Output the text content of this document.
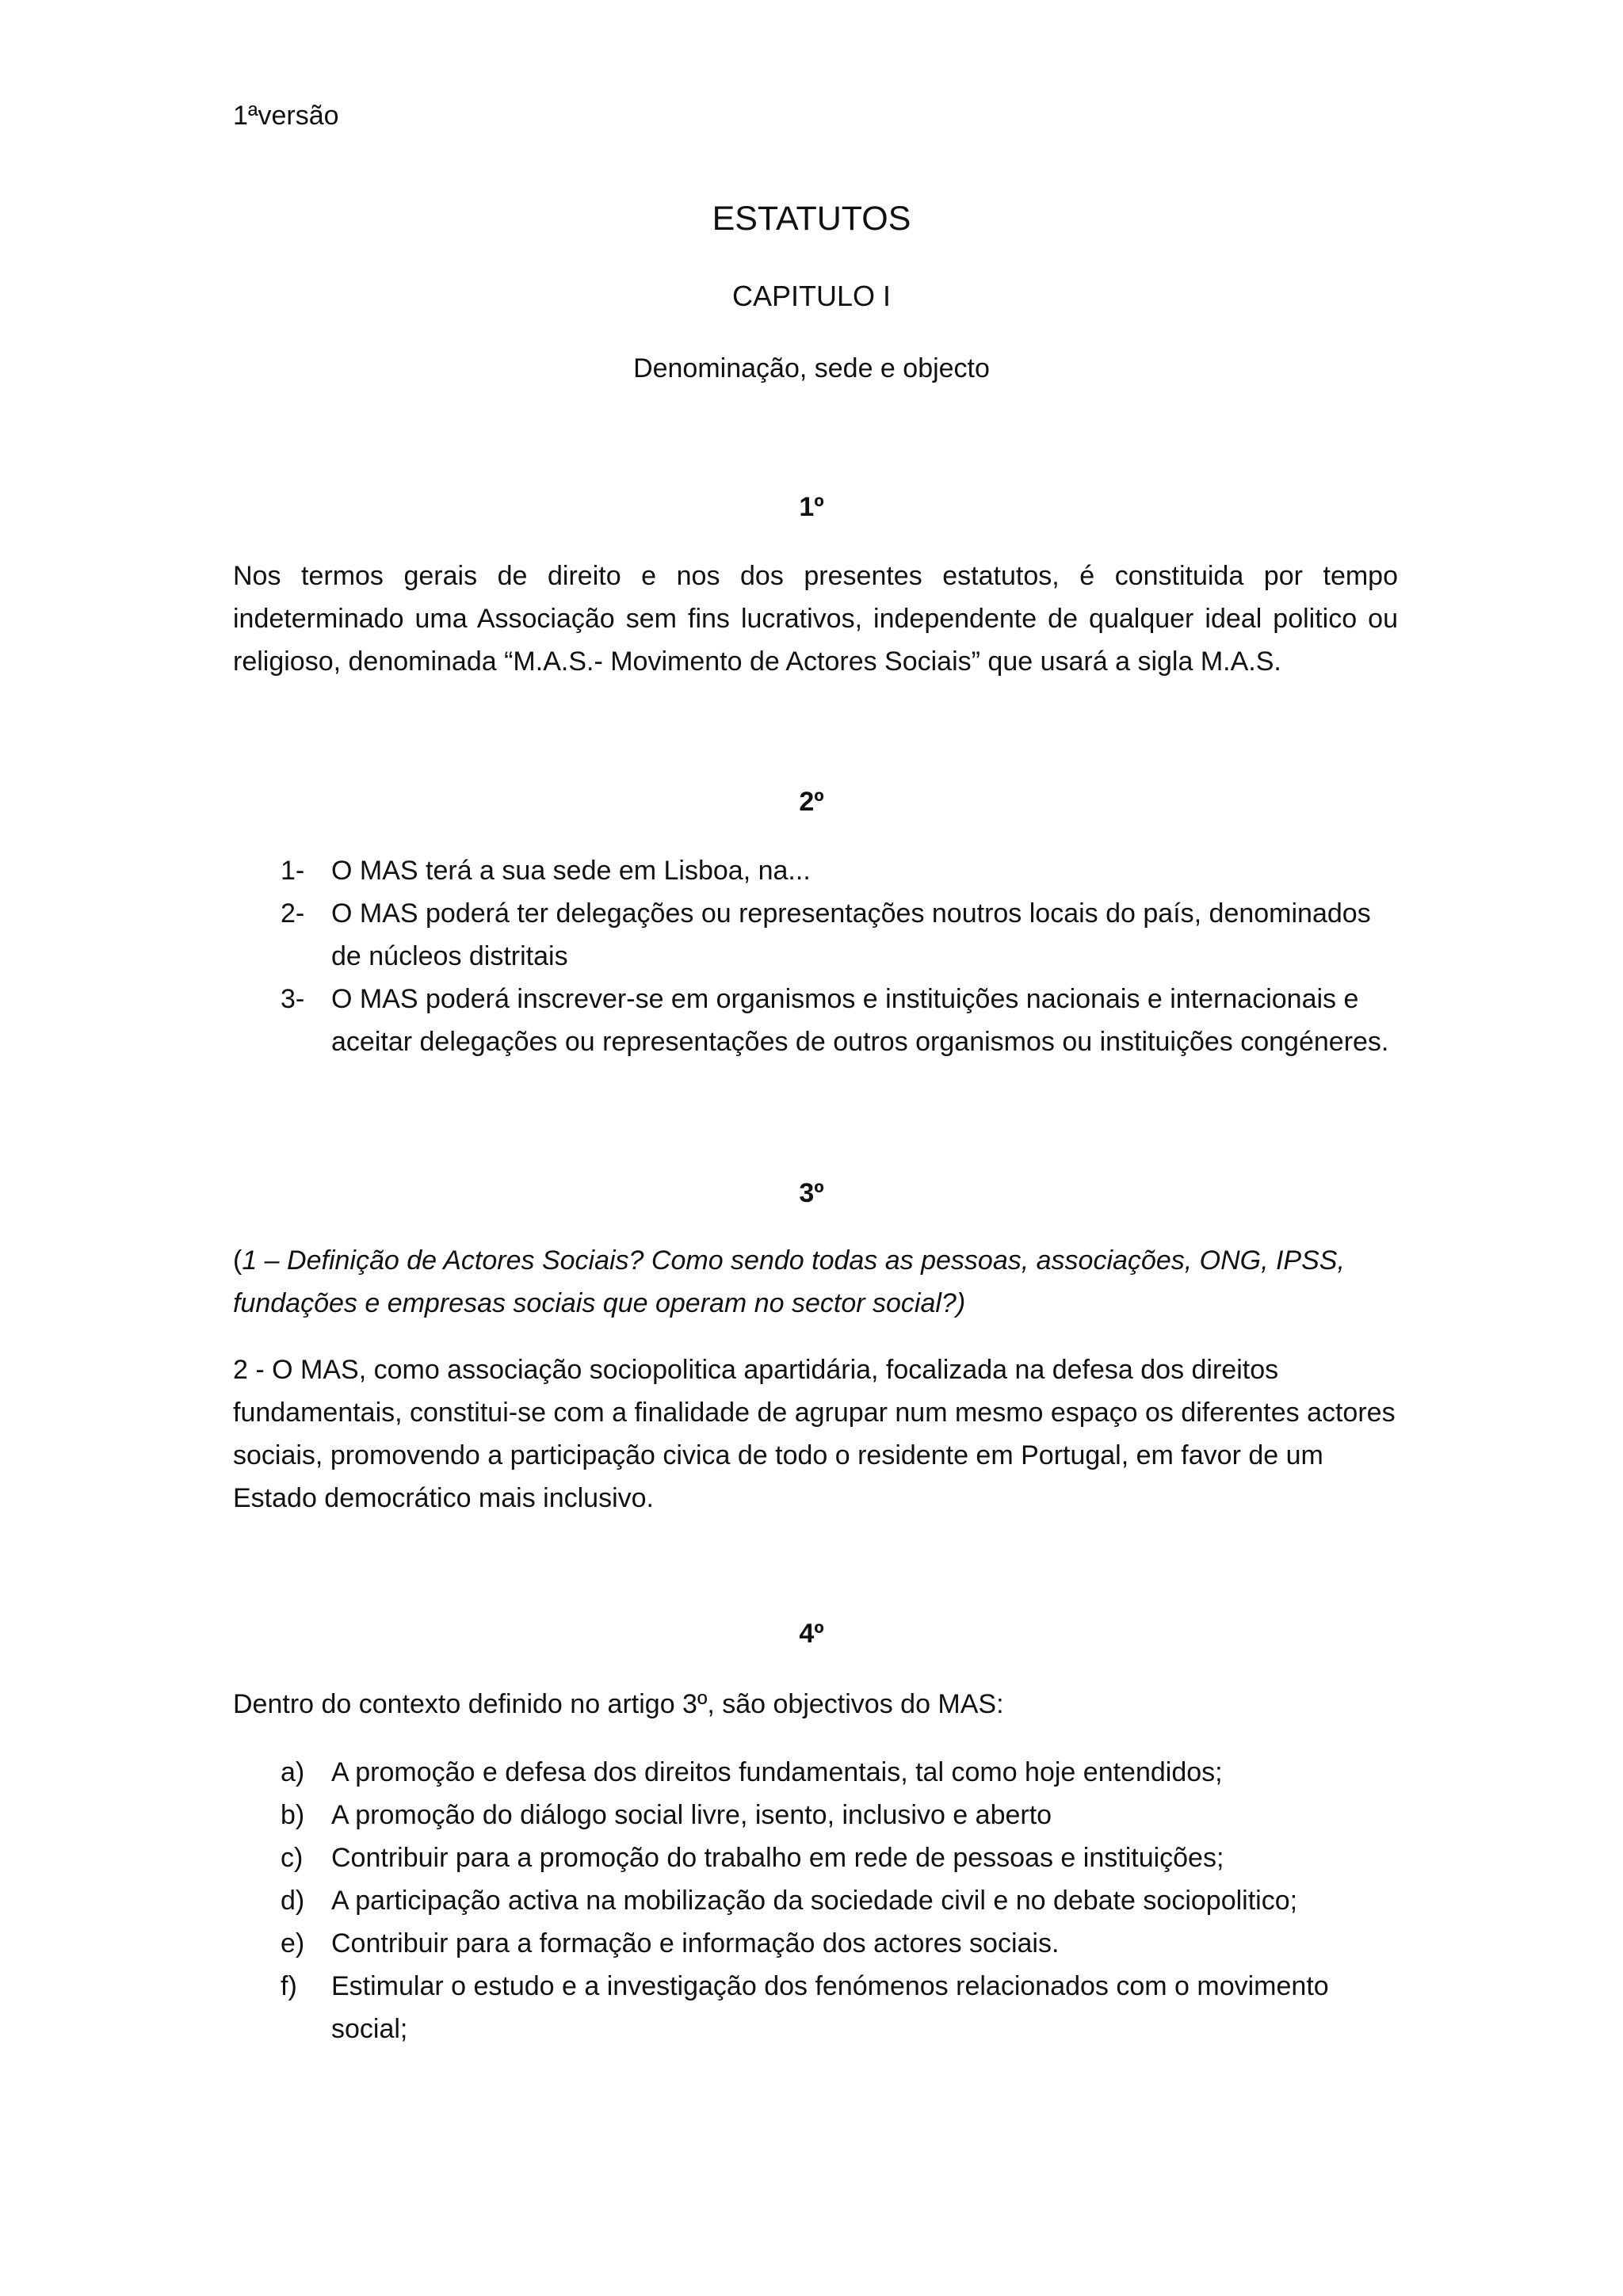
1ªversão
ESTATUTOS
CAPITULO I
Denominação, sede e objecto
1º
Nos termos gerais de direito e nos dos presentes estatutos, é constituida por tempo indeterminado uma Associação sem fins lucrativos, independente de qualquer ideal politico ou religioso, denominada “M.A.S.- Movimento de Actores Sociais” que usará a sigla M.A.S.
2º
1- O MAS terá a sua sede em Lisboa, na...
2- O MAS poderá ter delegações ou representações noutros locais do país, denominados de núcleos distritais
3- O MAS poderá inscrever-se em organismos e instituições nacionais e internacionais e aceitar delegações ou representações de outros organismos ou instituições congéneres.
3º
(1 – Definição de Actores Sociais? Como sendo todas as pessoas, associações, ONG, IPSS, fundações e empresas sociais que operam no sector social?)
2 - O MAS, como associação sociopolitica apartidária, focalizada na defesa dos direitos fundamentais, constitui-se com a finalidade de agrupar num mesmo espaço os diferentes actores sociais, promovendo a participação civica de todo o residente em Portugal, em favor de um Estado democrático mais inclusivo.
4º
Dentro do contexto definido no artigo 3º, são objectivos do MAS:
a) A promoção e defesa dos direitos fundamentais, tal como hoje entendidos;
b) A promoção do diálogo social livre, isento, inclusivo e aberto
c) Contribuir para a promoção do trabalho em rede de pessoas e instituições;
d) A participação activa na mobilização da sociedade civil e no debate sociopolitico;
e) Contribuir para a formação e informação dos actores sociais.
f) Estimular o estudo e a investigação dos fenómenos relacionados com o movimento social;
